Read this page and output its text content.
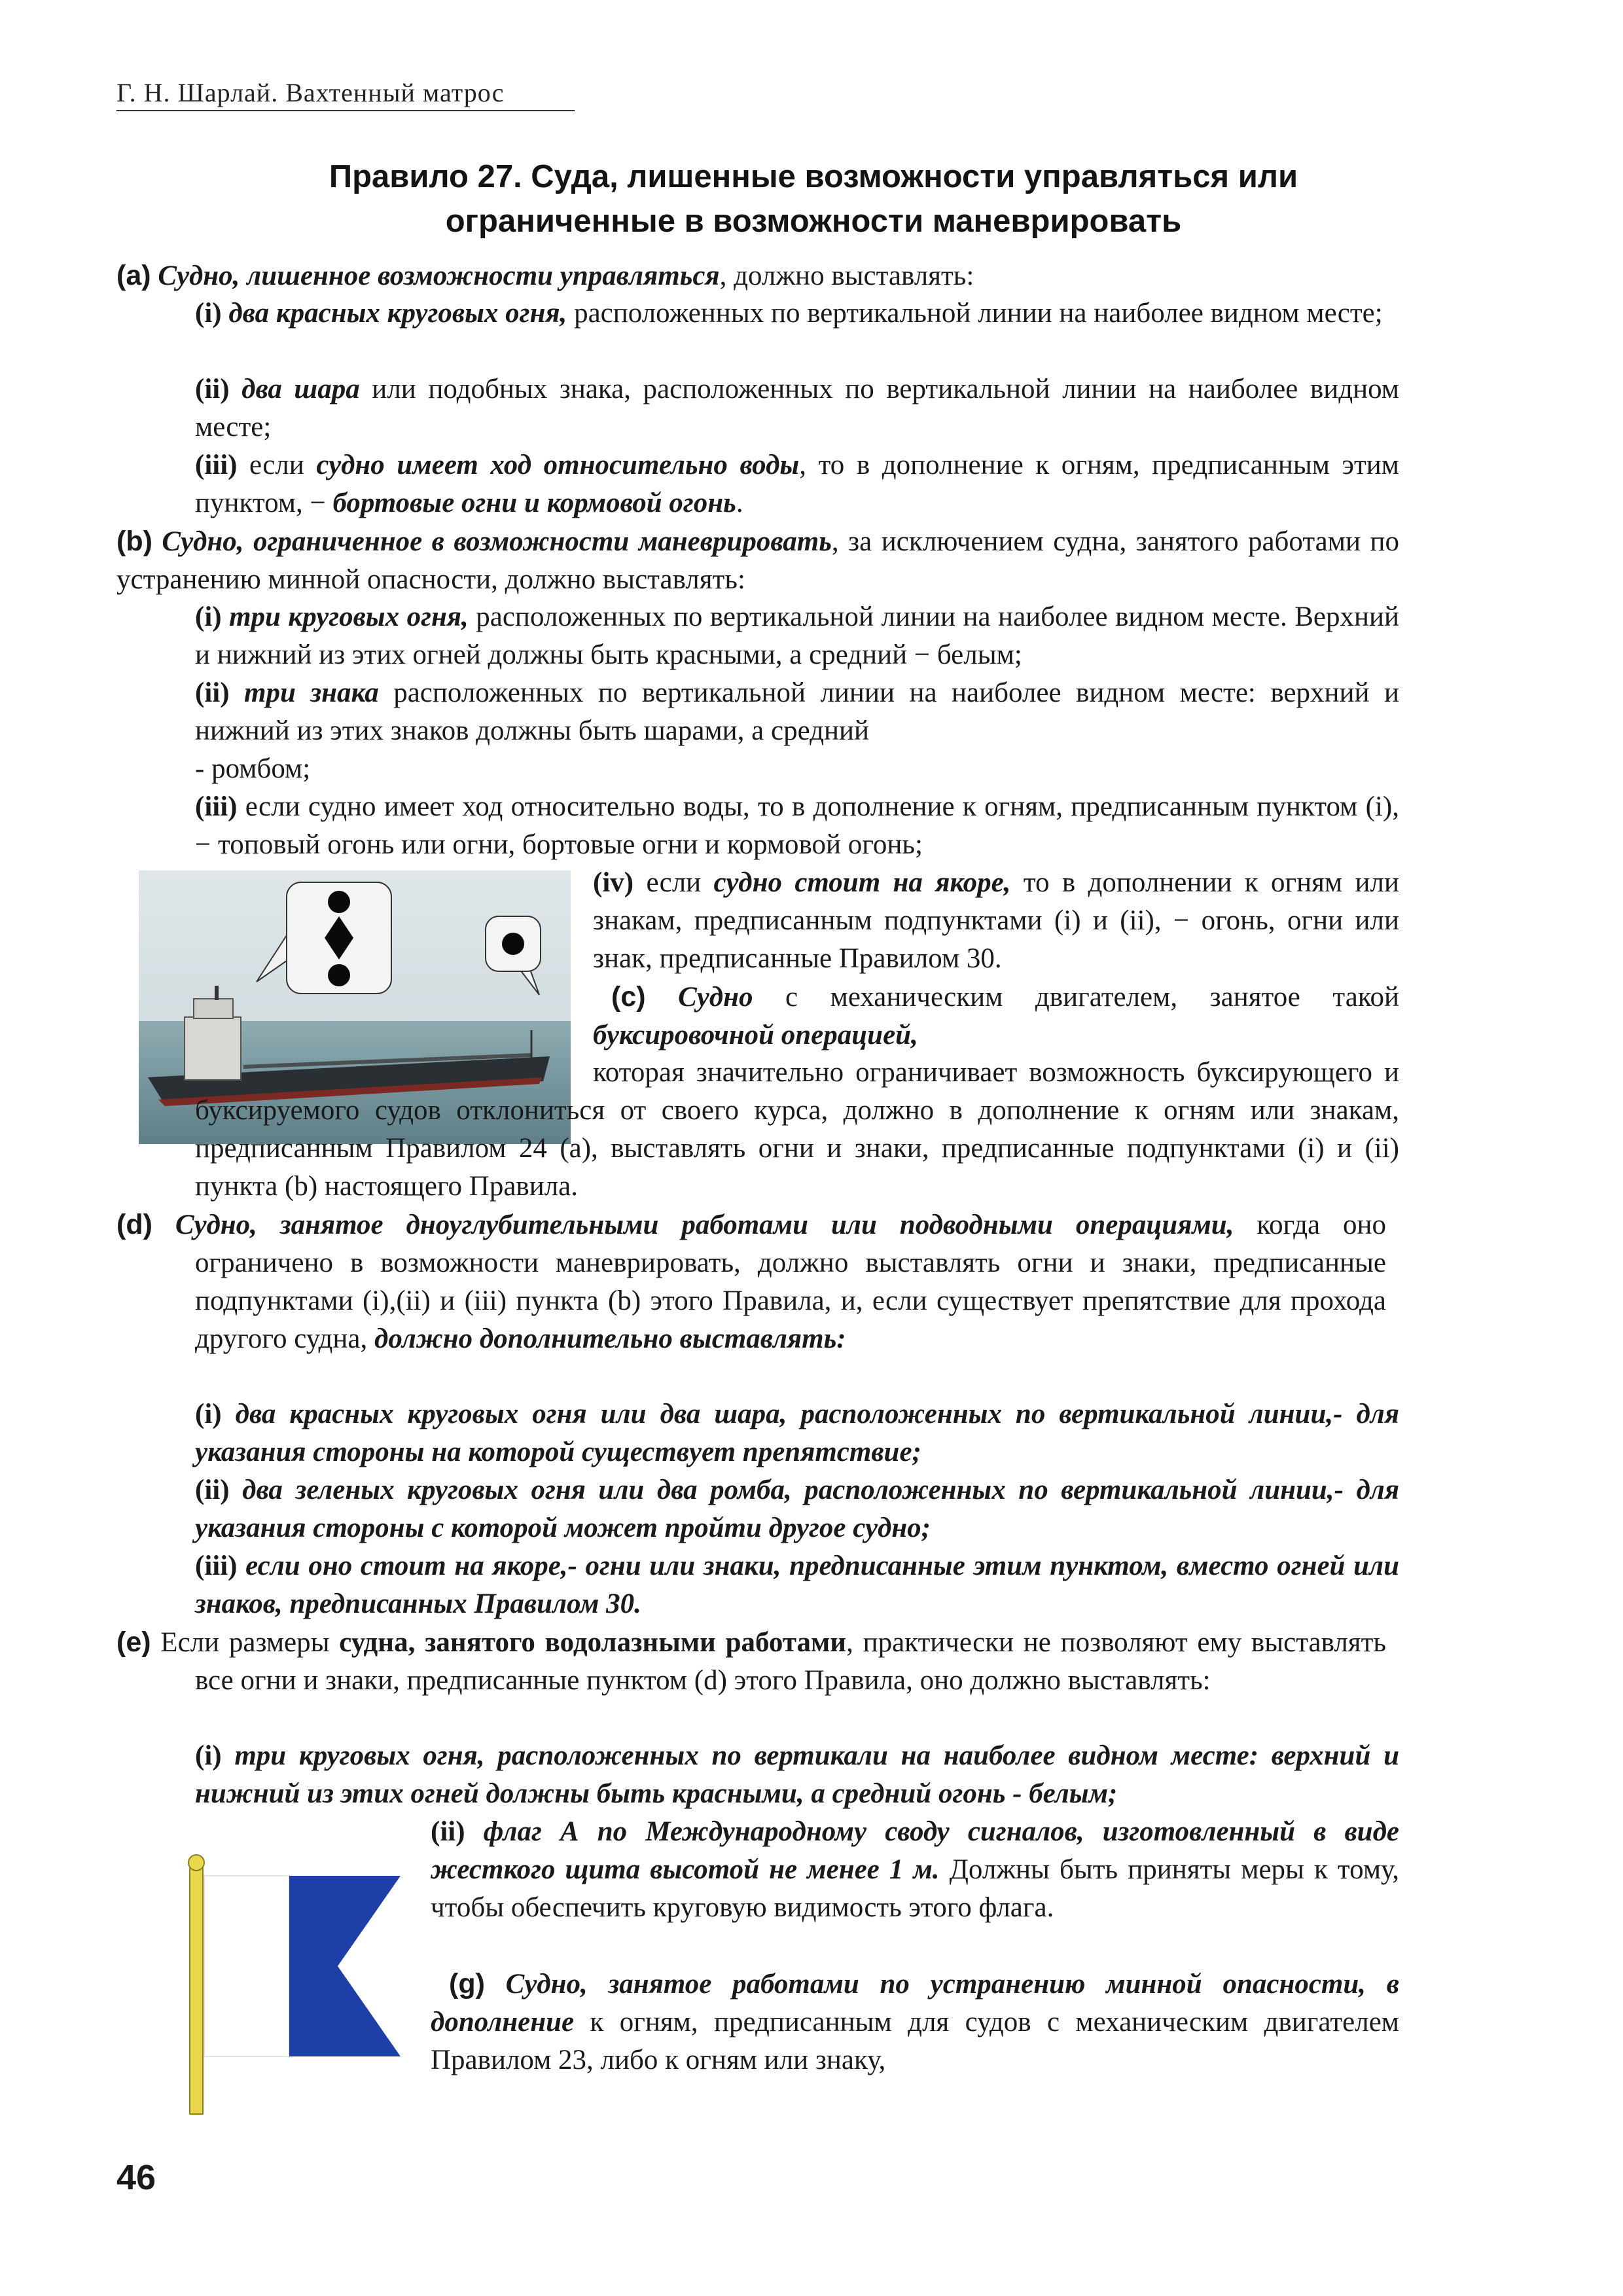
Г. Н. Шарлай. Вахтенный матрос
Правило 27. Суда, лишенные возможности управляться или
ограниченные в возможности маневрировать
(a) Судно, лишенное возможности управляться, должно выставлять:
(i) два красных круговых огня, расположенных по вертикальной линии на наиболее видном месте;
(ii) два шара или подобных знака, расположенных по вертикальной линии на наиболее видном месте;
(iii) если судно имеет ход относительно воды, то в дополнение к огням, предписанным этим пунктом, − бортовые огни и кормовой огонь.
(b) Судно, ограниченное в возможности маневрировать, за исключением судна, занятого работами по устранению минной опасности, должно выставлять:
(i) три круговых огня, расположенных по вертикальной линии на наиболее видном месте. Верхний и нижний из этих огней должны быть красными, а средний − белым;
(ii) три знака расположенных по вертикальной линии на наиболее видном месте: верхний и нижний из этих знаков должны быть шарами, а средний
- ромбом;
(iii) если судно имеет ход относительно воды, то в дополнение к огням, предписанным пунктом (i), − топовый огонь или огни, бортовые огни и кормовой огонь;
(iv) если судно стоит на якоре, то в дополнении к огням или знакам, предписанным подпунктами (i) и (ii), − огонь, огни или знак, предписанные Правилом 30.
(c) Судно с механическим двигателем, занятое такой буксировочной операцией,
которая значительно ограничивает возможность буксирующего и буксируемого судов отклониться от своего курса, должно в дополнение к огням или знакам, предписанным Правилом 24 (a), выставлять огни и знаки, предписанные подпунктами (i) и (ii) пункта (b) настоящего Правила.
(d) Судно, занятое дноуглубительными работами или подводными операциями, когда оно ограничено в возможности маневрировать, должно выставлять огни и знаки, предписанные подпунктами (i),(ii) и (iii) пункта (b) этого Правила, и, если существует препятствие для прохода другого судна, должно дополнительно выставлять:
(i) два красных круговых огня или два шара, расположенных по вертикальной линии,- для указания стороны на которой существует препятствие;
(ii) два зеленых круговых огня или два ромба, расположенных по вертикальной линии,- для указания стороны с которой может пройти другое судно;
(iii) если оно стоит на якоре,- огни или знаки, предписанные этим пунктом, вместо огней или знаков, предписанных Правилом 30.
(e) Если размеры судна, занятого водолазными работами, практически не позволяют ему выставлять все огни и знаки, предписанные пунктом (d) этого Правила, оно должно выставлять:
(i) три круговых огня, расположенных по вертикали на наиболее видном месте: верхний и нижний из этих огней должны быть красными, а средний огонь - белым;
(ii) флаг А по Международному своду сигналов, изготовленный в виде жесткого щита высотой не менее 1 м. Должны быть приняты меры к тому, чтобы обеспечить круговую видимость этого флага.
(g) Судно, занятое работами по устранению минной опасности, в дополнение к огням, предписанным для судов с механическим двигателем Правилом 23, либо к огням или знаку,
46
